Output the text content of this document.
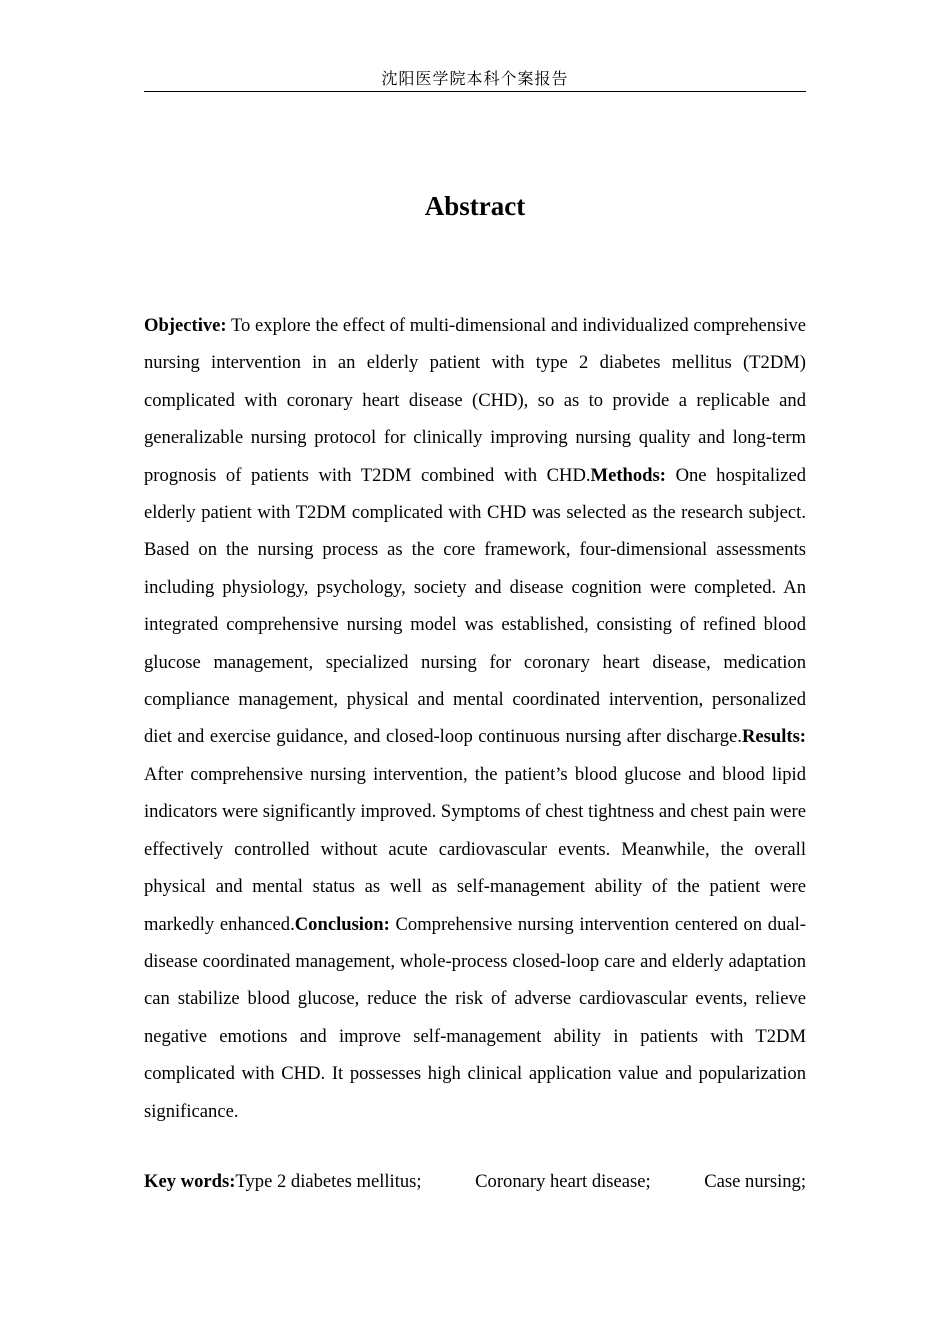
沈阳医学院本科个案报告
Abstract

Objective: To explore the effect of multi-dimensional and individualized comprehensive nursing intervention in an elderly patient with type 2 diabetes mellitus (T2DM) complicated with coronary heart disease (CHD), so as to provide a replicable and generalizable nursing protocol for clinically improving nursing quality and long-term prognosis of patients with T2DM combined with CHD.Methods: One hospitalized elderly patient with T2DM complicated with CHD was selected as the research subject. Based on the nursing process as the core framework, four-dimensional assessments including physiology, psychology, society and disease cognition were completed. An integrated comprehensive nursing model was established, consisting of refined blood glucose management, specialized nursing for coronary heart disease, medication compliance management, physical and mental coordinated intervention, personalized diet and exercise guidance, and closed-loop continuous nursing after discharge.Results: After comprehensive nursing intervention, the patient’s blood glucose and blood lipid indicators were significantly improved. Symptoms of chest tightness and chest pain were effectively controlled without acute cardiovascular events. Meanwhile, the overall physical and mental status as well as self-management ability of the patient were markedly enhanced.Conclusion: Comprehensive nursing intervention centered on dual-disease coordinated management, whole-process closed-loop care and elderly adaptation can stabilize blood glucose, reduce the risk of adverse cardiovascular events, relieve negative emotions and improve self-management ability in patients with T2DM complicated with CHD. It possesses high clinical application value and popularization significance.

Key words:Type 2 diabetes mellitus;	Coronary heart disease;	Case nursing;
